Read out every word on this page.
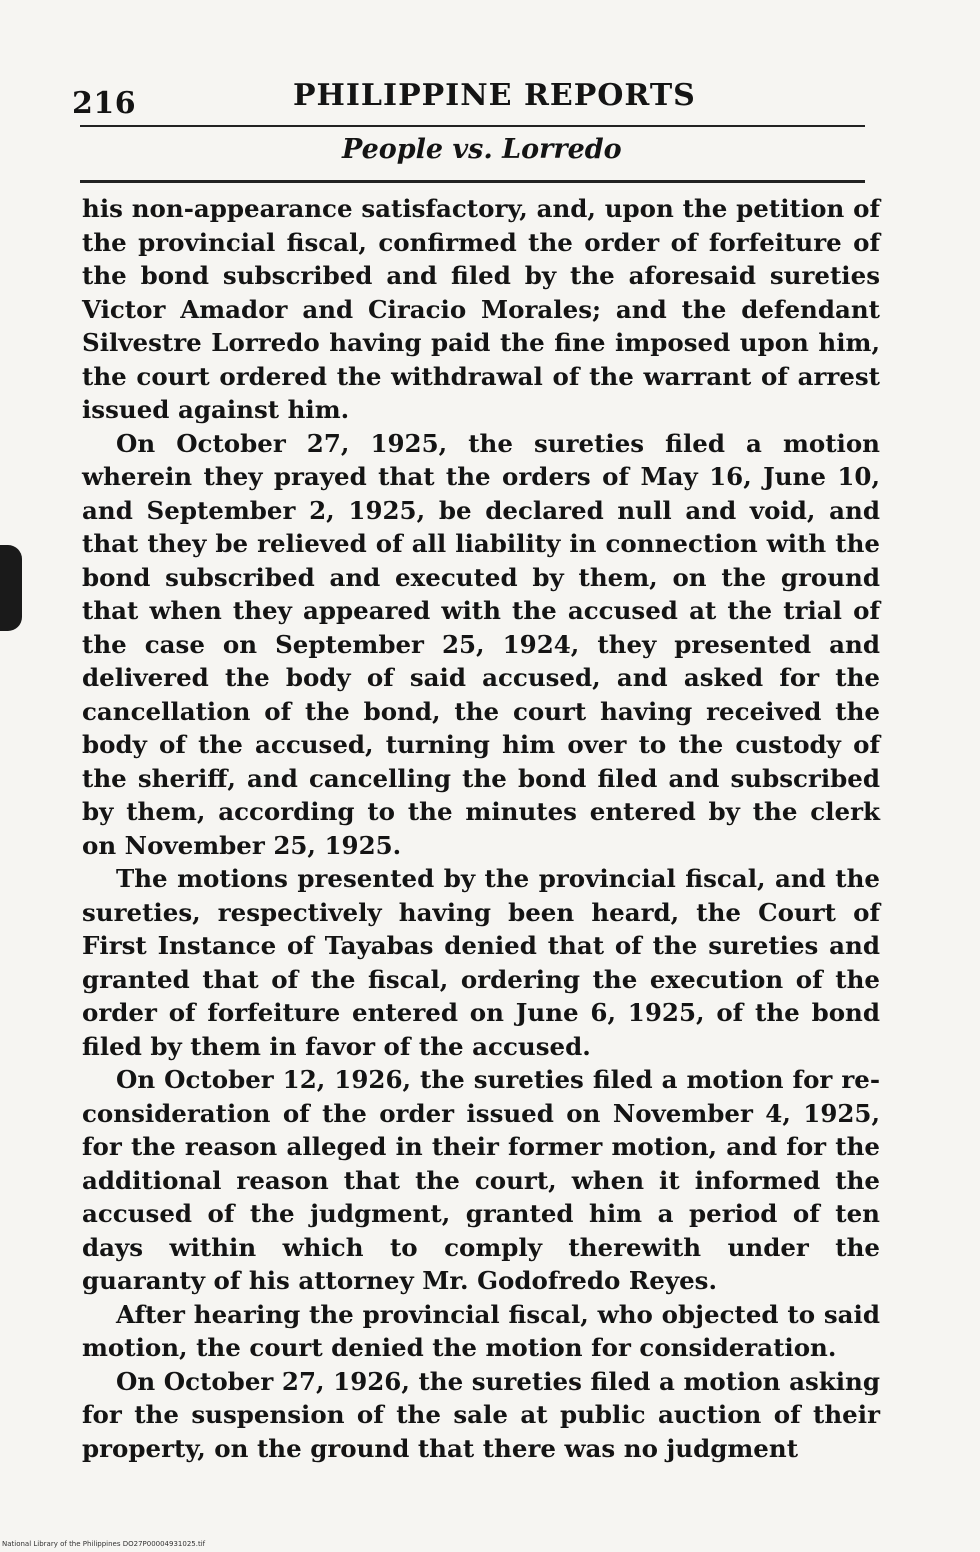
216	PHILIPPINE REPORTS
People vs. Lorredo

his non-appearance satisfactory, and, upon the petition of the provincial fiscal, confirmed the order of forfeiture of the bond subscribed and filed by the aforesaid sureties Victor Amador and Ciracio Morales; and the defendant Silvestre Lorredo having paid the fine imposed upon him, the court ordered the withdrawal of the warrant of arrest issued against him.

On October 27, 1925, the sureties filed a motion wherein they prayed that the orders of May 16, June 10, and September 2, 1925, be declared null and void, and that they be relieved of all liability in connection with the bond subscribed and executed by them, on the ground that when they appeared with the accused at the trial of the case on September 25, 1924, they presented and delivered the body of said accused, and asked for the cancellation of the bond, the court having received the body of the accused, turning him over to the custody of the sheriff, and cancelling the bond filed and subscribed by them, according to the minutes entered by the clerk on November 25, 1925.

The motions presented by the provincial fiscal, and the sureties, respectively having been heard, the Court of First Instance of Tayabas denied that of the sureties and granted that of the fiscal, ordering the execution of the order of forfeiture entered on June 6, 1925, of the bond filed by them in favor of the accused.

On October 12, 1926, the sureties filed a motion for reconsideration of the order issued on November 4, 1925, for the reason alleged in their former motion, and for the additional reason that the court, when it informed the accused of the judgment, granted him a period of ten days within which to comply therewith under the guaranty of his attorney Mr. Godofredo Reyes.

After hearing the provincial fiscal, who objected to said motion, the court denied the motion for consideration.

On October 27, 1926, the sureties filed a motion asking for the suspension of the sale at public auction of their property, on the ground that there was no judgment

National Library of the Philippines DO27P00004931025.tif
